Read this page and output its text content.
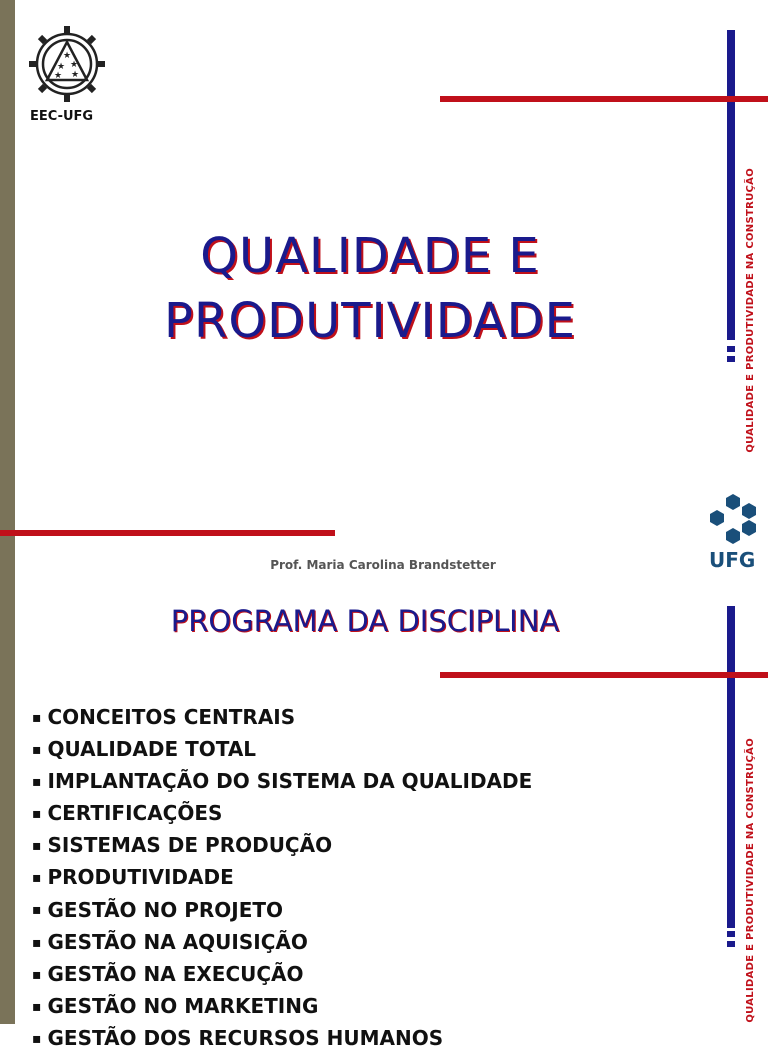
★
★ ★
★ ★
EEC-UFG
QUALIDADE E PRODUTIVIDADE NA CONSTRUÇÃO
QUALIDADE E
PRODUTIVIDADE
Prof. Maria Carolina Brandstetter	UFG
PROGRAMA DA DISCIPLINA
QUALIDADE E PRODUTIVIDADE NA CONSTRUÇÃO
▪ CONCEITOS CENTRAIS
▪ QUALIDADE TOTAL
▪ IMPLANTAÇÃO DO SISTEMA DA QUALIDADE
▪ CERTIFICAÇÕES
▪ SISTEMAS DE PRODUÇÃO
▪ PRODUTIVIDADE
▪ GESTÃO NO PROJETO
▪ GESTÃO NA AQUISIÇÃO
▪ GESTÃO NA EXECUÇÃO
▪ GESTÃO NO MARKETING
▪ GESTÃO DOS RECURSOS HUMANOS
